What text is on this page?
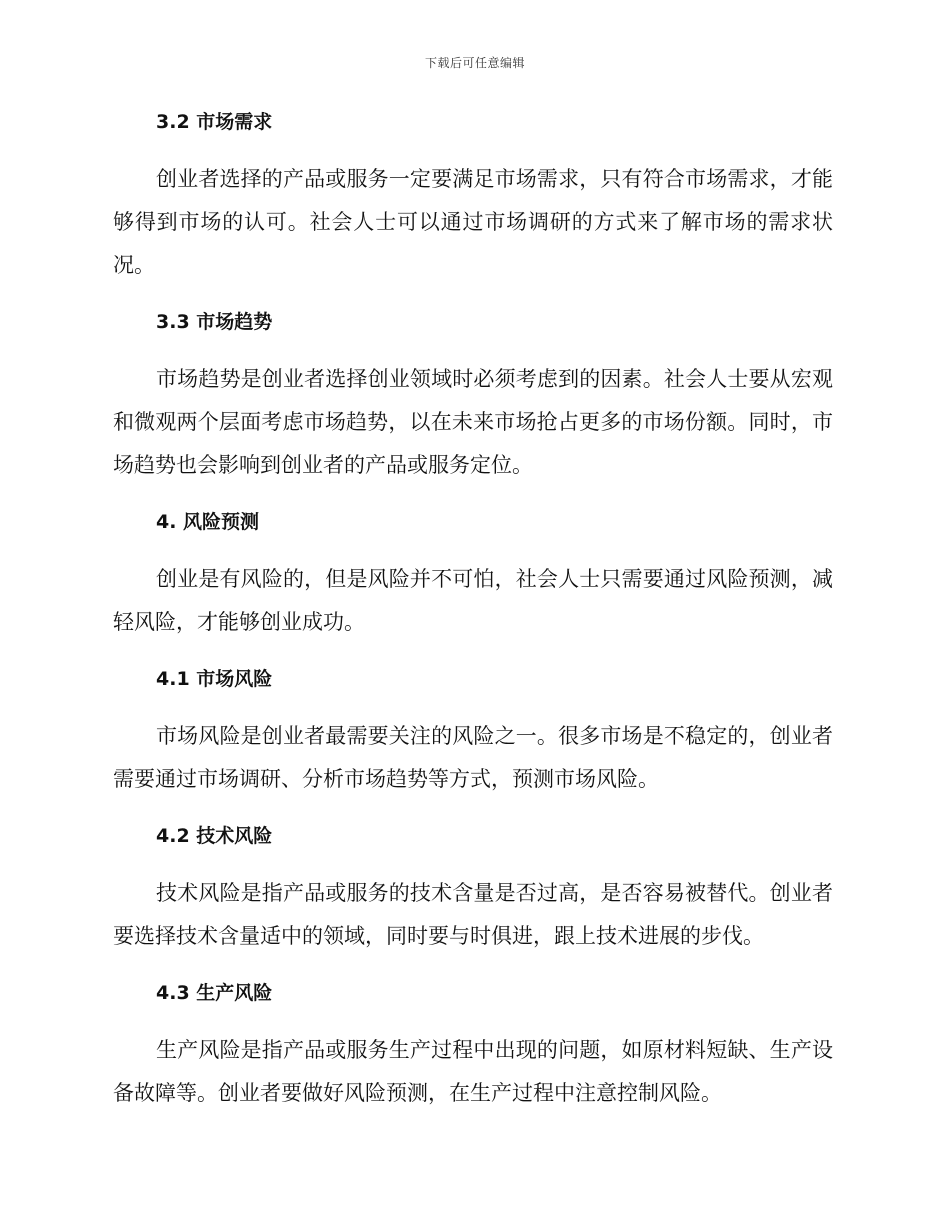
下载后可任意编辑
3.2 市场需求
创业者选择的产品或服务一定要满足市场需求，只有符合市场需求，才能够得到市场的认可。社会人士可以通过市场调研的方式来了解市场的需求状况。
3.3 市场趋势
市场趋势是创业者选择创业领域时必须考虑到的因素。社会人士要从宏观和微观两个层面考虑市场趋势，以在未来市场抢占更多的市场份额。同时，市场趋势也会影响到创业者的产品或服务定位。
4. 风险预测
创业是有风险的，但是风险并不可怕，社会人士只需要通过风险预测，减轻风险，才能够创业成功。
4.1 市场风险
市场风险是创业者最需要关注的风险之一。很多市场是不稳定的，创业者需要通过市场调研、分析市场趋势等方式，预测市场风险。
4.2 技术风险
技术风险是指产品或服务的技术含量是否过高，是否容易被替代。创业者要选择技术含量适中的领域，同时要与时俱进，跟上技术进展的步伐。
4.3 生产风险
生产风险是指产品或服务生产过程中出现的问题，如原材料短缺、生产设备故障等。创业者要做好风险预测，在生产过程中注意控制风险。
